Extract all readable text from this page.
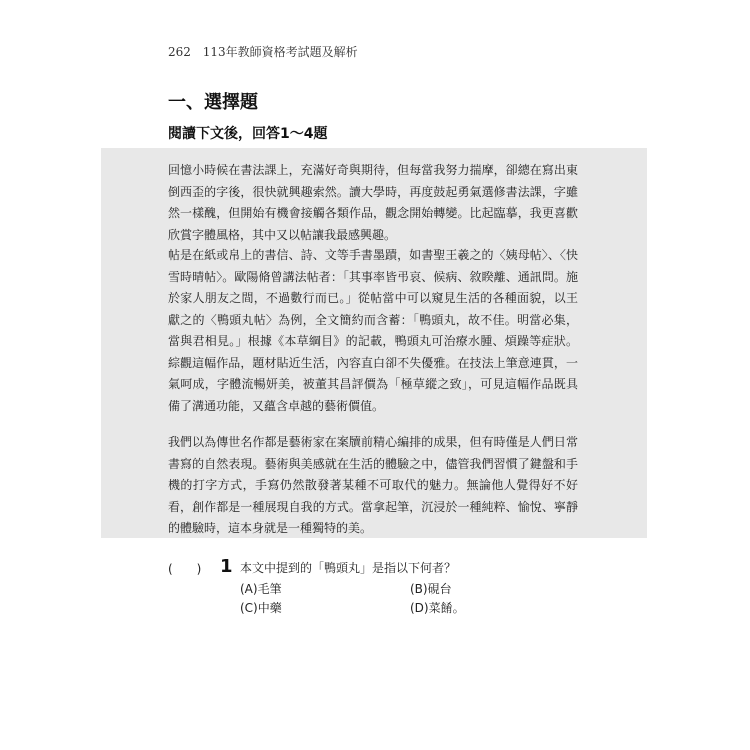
262 113年教師資格考試題及解析
一、選擇題
閱讀下文後，回答1～4題

回憶小時候在書法課上，充滿好奇與期待，但每當我努力揣摩，卻總在寫出東倒西歪的字後，很快就興趣索然。讀大學時，再度鼓起勇氣選修書法課，字雖然一樣醜，但開始有機會接觸各類作品，觀念開始轉變。比起臨摹，我更喜歡欣賞字體風格，其中又以帖讓我最感興趣。

帖是在紙或帛上的書信、詩、文等手書墨蹟，如書聖王羲之的〈姨母帖〉、〈快雪時晴帖〉。歐陽脩曾講法帖者：「其事率皆弔哀、候病、敘睽離、通訊問。施於家人朋友之間，不過數行而已。」從帖當中可以窺見生活的各種面貌，以王獻之的〈鴨頭丸帖〉為例，全文簡約而含蓄：「鴨頭丸，故不佳。明當必集，當與君相見。」根據《本草綱目》的記載，鴨頭丸可治療水腫、煩躁等症狀。綜觀這幅作品，題材貼近生活，內容直白卻不失優雅。在技法上筆意連貫，一氣呵成，字體流暢妍美，被董其昌評價為「極草縱之致」，可見這幅作品既具備了溝通功能，又蘊含卓越的藝術價值。

我們以為傳世名作都是藝術家在案牘前精心編排的成果，但有時僅是人們日常書寫的自然表現。藝術與美感就在生活的體驗之中，儘管我們習慣了鍵盤和手機的打字方式，手寫仍然散發著某種不可取代的魅力。無論他人覺得好不好看，創作都是一種展現自我的方式。當拿起筆，沉浸於一種純粹、愉悅、寧靜的體驗時，這本身就是一種獨特的美。

(　　) 1 本文中提到的「鴨頭丸」是指以下何者？
(A)毛筆	(B)硯台
(C)中藥	(D)菜餚。
